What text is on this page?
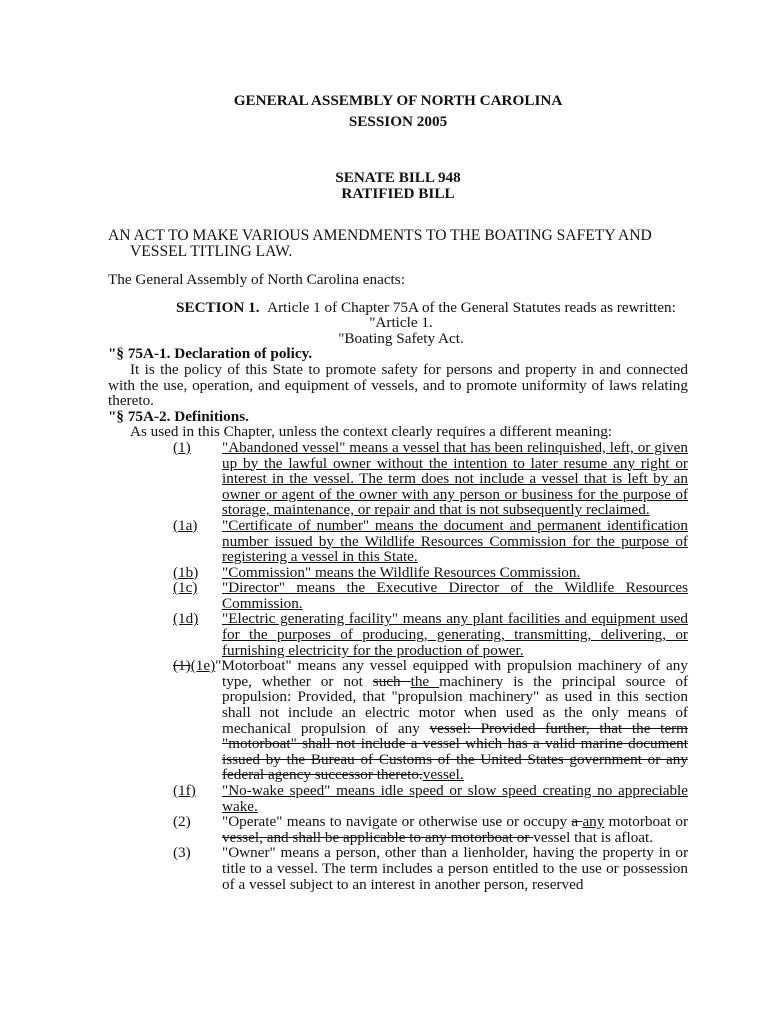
GENERAL ASSEMBLY OF NORTH CAROLINA
SESSION 2005
SENATE BILL 948
RATIFIED BILL
AN ACT TO MAKE VARIOUS AMENDMENTS TO THE BOATING SAFETY AND VESSEL TITLING LAW.
The General Assembly of North Carolina enacts:
SECTION 1. Article 1 of Chapter 75A of the General Statutes reads as rewritten:
"Article 1.
"Boating Safety Act.
"§ 75A-1. Declaration of policy.
It is the policy of this State to promote safety for persons and property in and connected with the use, operation, and equipment of vessels, and to promote uniformity of laws relating thereto.
"§ 75A-2. Definitions.
As used in this Chapter, unless the context clearly requires a different meaning:
(1)	"Abandoned vessel" means a vessel that has been relinquished, left, or given up by the lawful owner without the intention to later resume any right or interest in the vessel. The term does not include a vessel that is left by an owner or agent of the owner with any person or business for the purpose of storage, maintenance, or repair and that is not subsequently reclaimed.
(1a)	"Certificate of number" means the document and permanent identification number issued by the Wildlife Resources Commission for the purpose of registering a vessel in this State.
(1b)	"Commission" means the Wildlife Resources Commission.
(1c)	"Director" means the Executive Director of the Wildlife Resources Commission.
(1d)	"Electric generating facility" means any plant facilities and equipment used for the purposes of producing, generating, transmitting, delivering, or furnishing electricity for the production of power.
(1)(1e)"Motorboat" means any vessel equipped with propulsion machinery of any type, whether or not such the machinery is the principal source of propulsion: Provided, that "propulsion machinery" as used in this section shall not include an electric motor when used as the only means of mechanical propulsion of any vessel: Provided further, that the term "motorboat" shall not include a vessel which has a valid marine document issued by the Bureau of Customs of the United States government or any federal agency successor thereto.vessel.
(1f)	"No-wake speed" means idle speed or slow speed creating no appreciable wake.
(2)	"Operate" means to navigate or otherwise use or occupy a any motorboat or vessel, and shall be applicable to any motorboat or vessel that is afloat.
(3)	"Owner" means a person, other than a lienholder, having the property in or title to a vessel. The term includes a person entitled to the use or possession of a vessel subject to an interest in another person, reserved
